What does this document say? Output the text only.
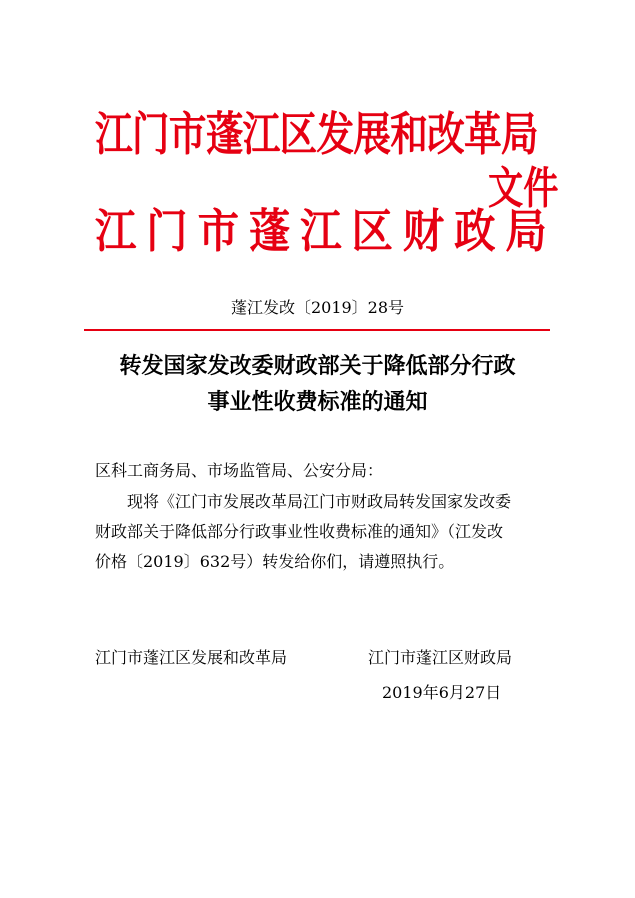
江门市蓬江区发展和改革局
江门市蓬江区财政局
文件
蓬江发改〔2019〕28号
转发国家发改委财政部关于降低部分行政
事业性收费标准的通知
区科工商务局、市场监管局、公安分局：
现将《江门市发展改革局江门市财政局转发国家发改委
财政部关于降低部分行政事业性收费标准的通知》（江发改
价格〔2019〕632号）转发给你们，请遵照执行。
江门市蓬江区发展和改革局	江门市蓬江区财政局
2019年6月27日
